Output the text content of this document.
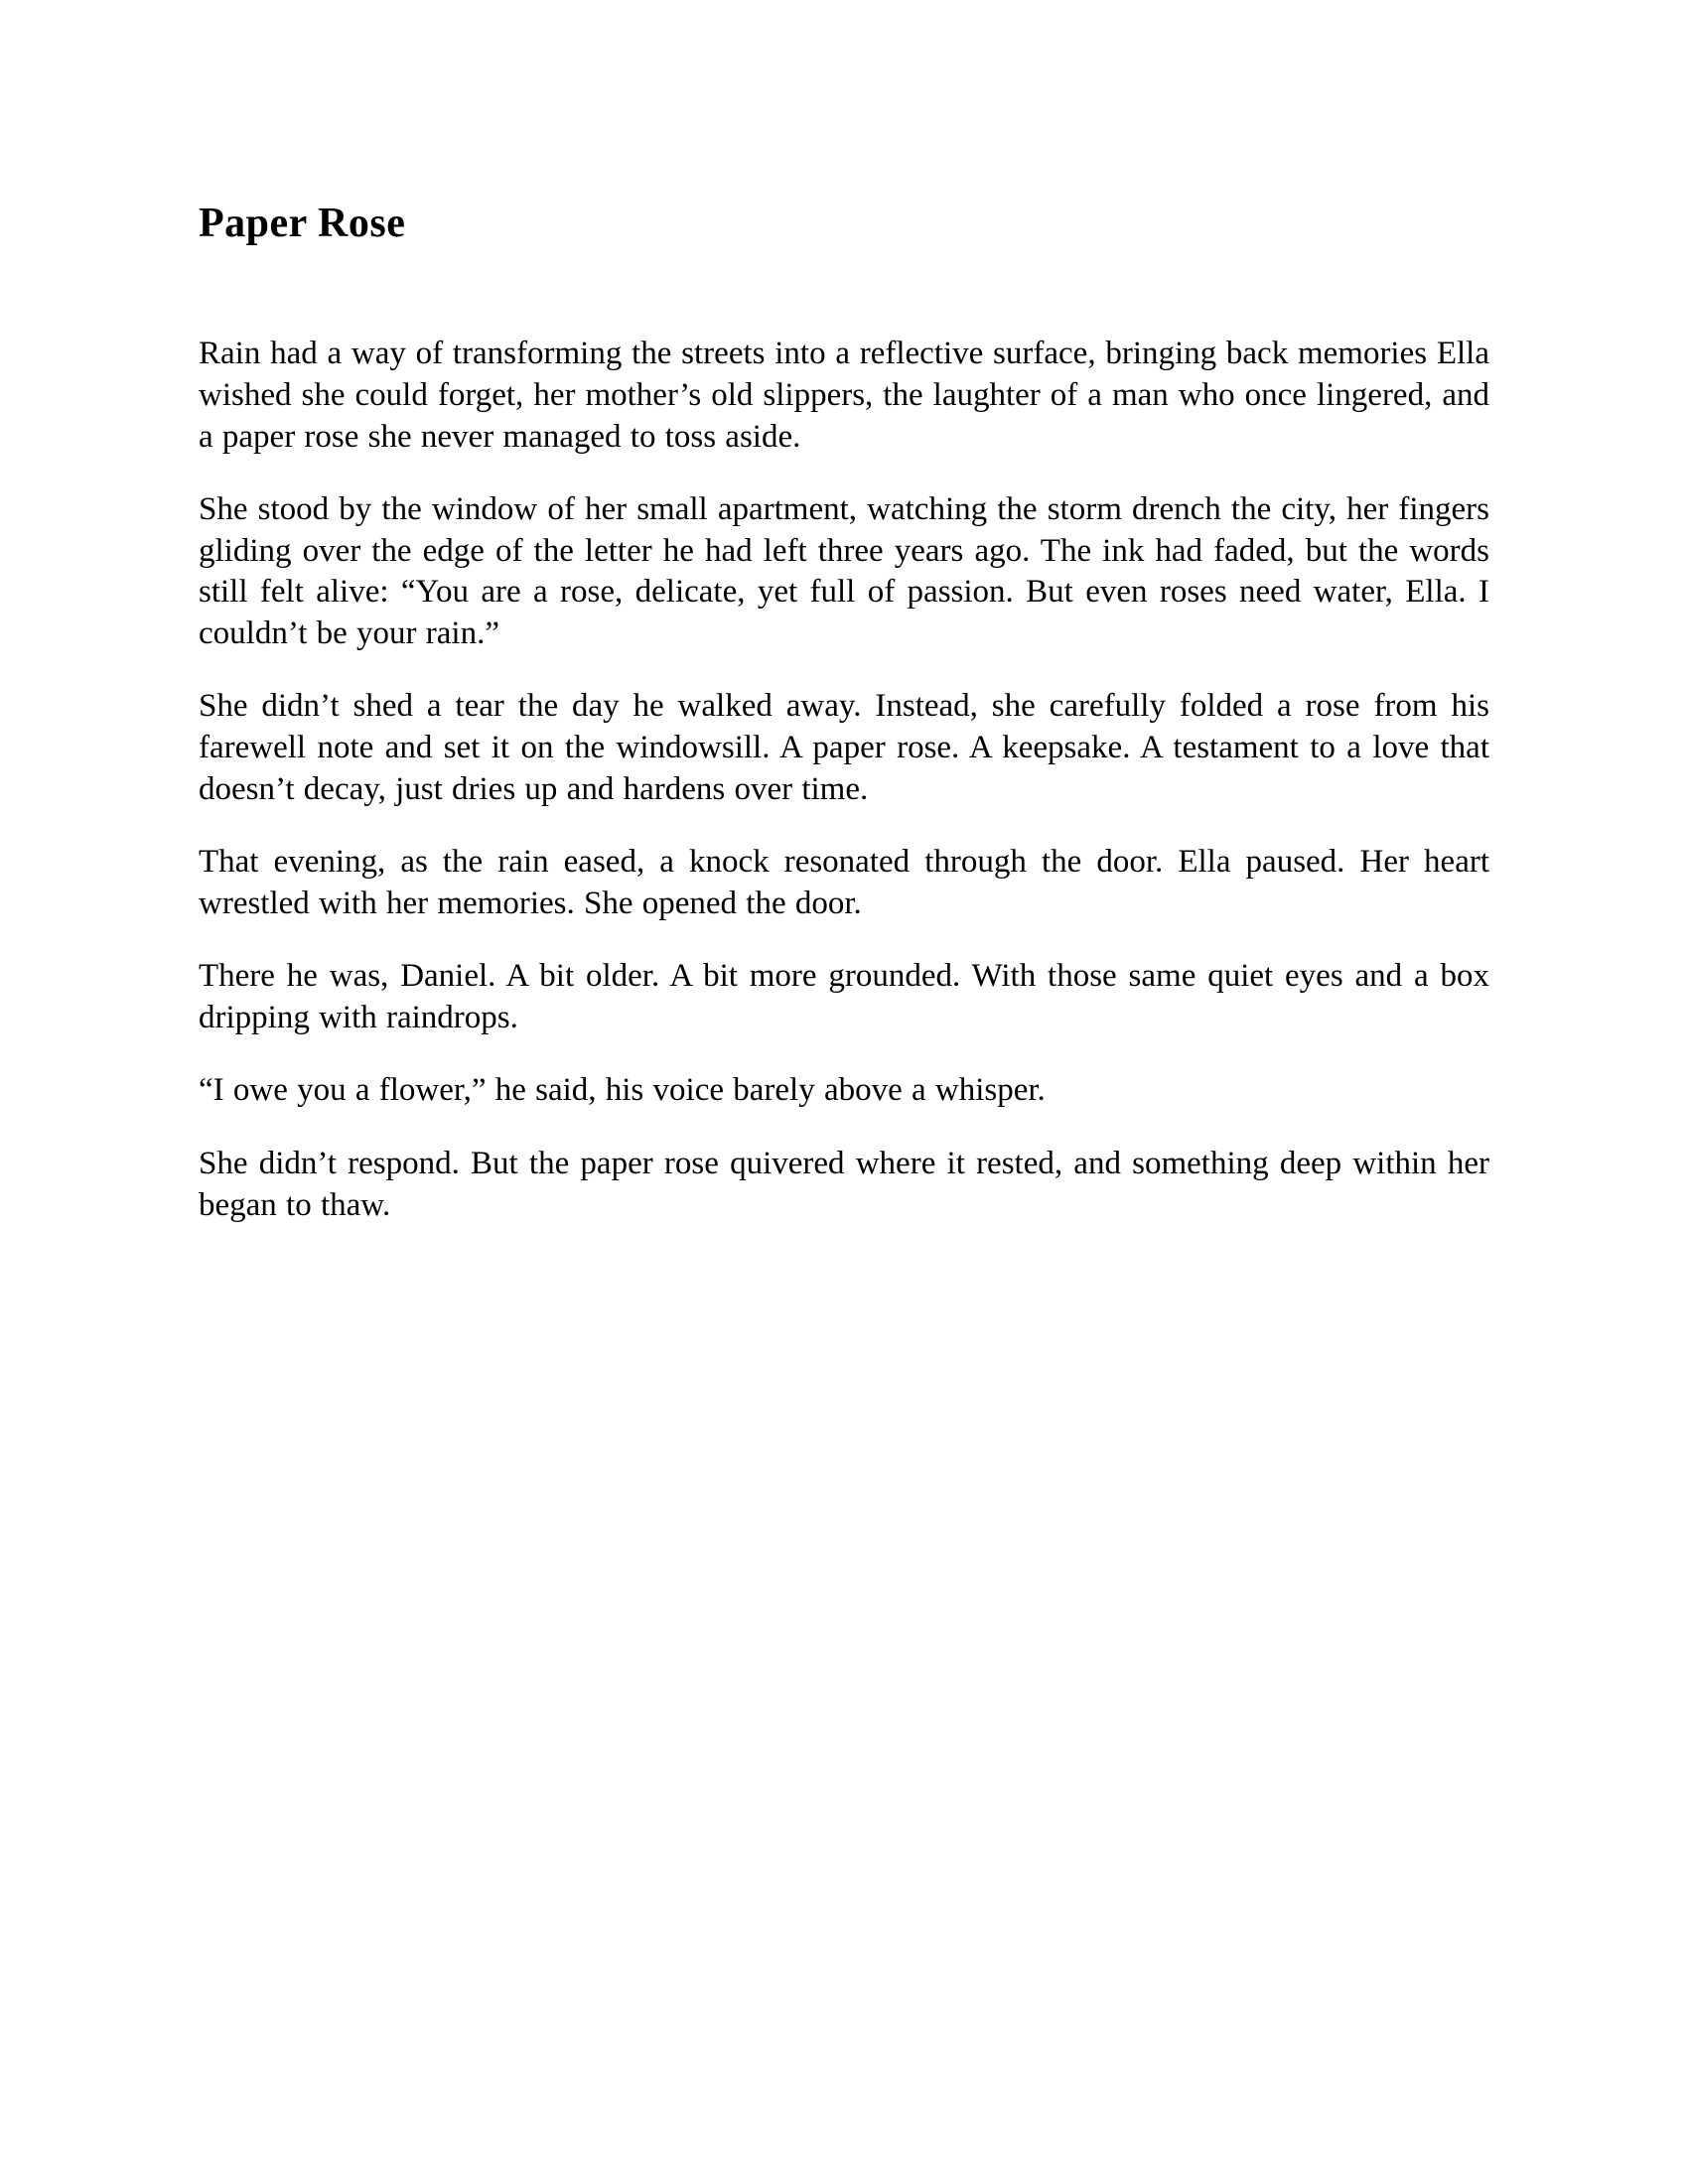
Paper Rose

Rain had a way of transforming the streets into a reflective surface, bringing back memories Ella wished she could forget, her mother’s old slippers, the laughter of a man who once lingered, and a paper rose she never managed to toss aside.

She stood by the window of her small apartment, watching the storm drench the city, her fingers gliding over the edge of the letter he had left three years ago. The ink had faded, but the words still felt alive: “You are a rose, delicate, yet full of passion. But even roses need water, Ella. I couldn’t be your rain.”

She didn’t shed a tear the day he walked away. Instead, she carefully folded a rose from his farewell note and set it on the windowsill. A paper rose. A keepsake. A testament to a love that doesn’t decay, just dries up and hardens over time.

That evening, as the rain eased, a knock resonated through the door. Ella paused. Her heart wrestled with her memories. She opened the door.

There he was, Daniel. A bit older. A bit more grounded. With those same quiet eyes and a box dripping with raindrops.

“I owe you a flower,” he said, his voice barely above a whisper.

She didn’t respond. But the paper rose quivered where it rested, and something deep within her began to thaw.
